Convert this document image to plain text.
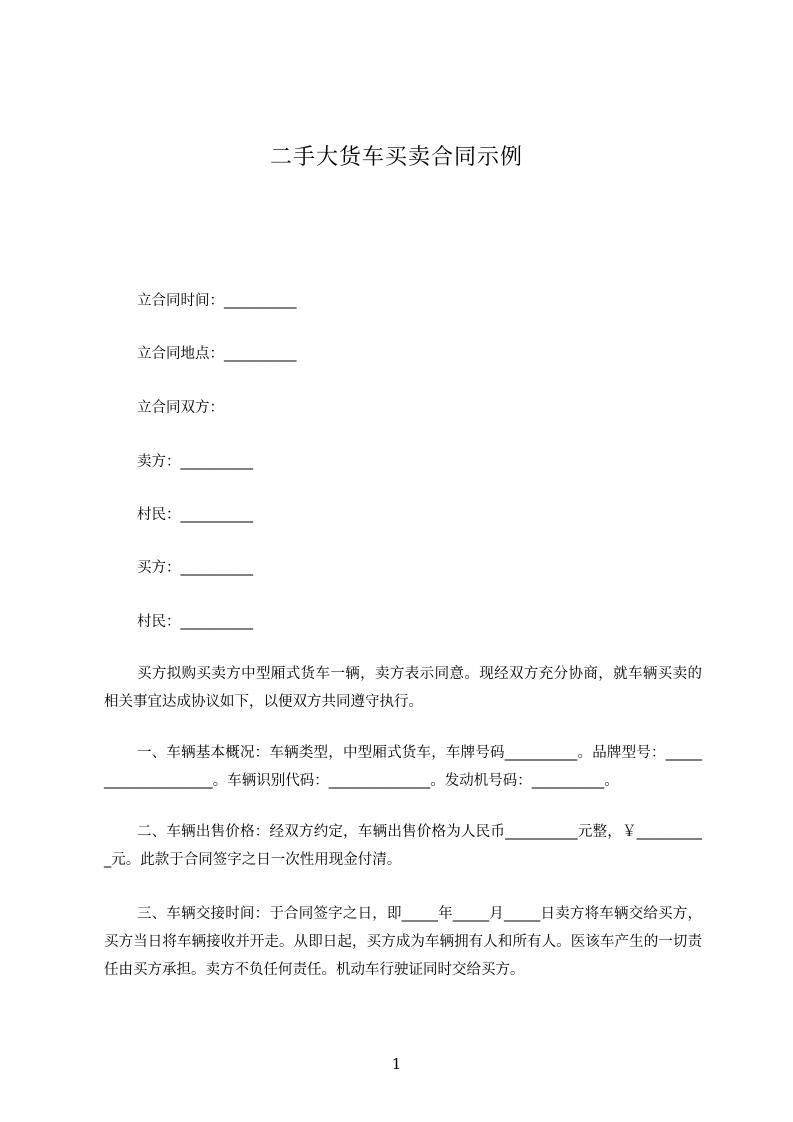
二手大货车买卖合同示例
立合同时间：__________
立合同地点：__________
立合同双方：
卖方：__________
村民：__________
买方：__________
村民：__________
买方拟购买卖方中型厢式货车一辆，卖方表示同意。现经双方充分协商，就车辆买卖的相关事宜达成协议如下，以便双方共同遵守执行。
一、车辆基本概况：车辆类型，中型厢式货车，车牌号码__________。品牌型号：____________________。车辆识别代码：______________。发动机号码：__________。
二、车辆出售价格：经双方约定，车辆出售价格为人民币__________元整，￥__________元。此款于合同签字之日一次性用现金付清。
三、车辆交接时间：于合同签字之日，即_____年_____月_____日卖方将车辆交给买方，买方当日将车辆接收并开走。从即日起，买方成为车辆拥有人和所有人。医该车产生的一切责任由买方承担。卖方不负任何责任。机动车行驶证同时交给买方。
1
